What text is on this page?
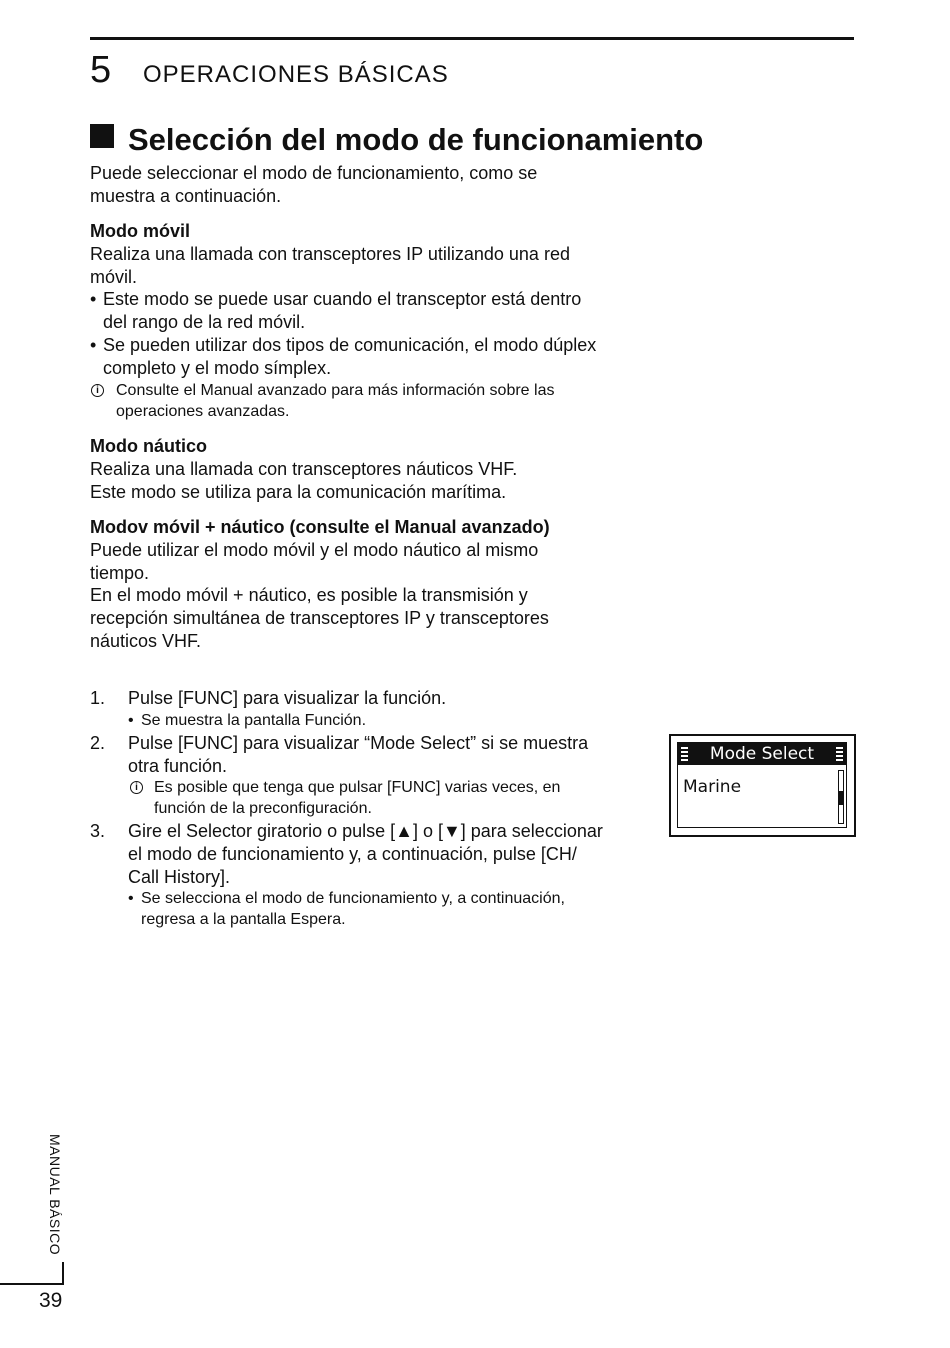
5 OPERACIONES BÁSICAS
Selección del modo de funcionamiento
Puede seleccionar el modo de funcionamiento, como se
muestra a continuación.
Modo móvil
Realiza una llamada con transceptores IP utilizando una red
móvil.
• Este modo se puede usar cuando el transceptor está dentro
del rango de la red móvil.
• Se pueden utilizar dos tipos de comunicación, el modo dúplex
completo y el modo símplex.
i	Consulte el Manual avanzado para más información sobre las
operaciones avanzadas.
Modo náutico
Realiza una llamada con transceptores náuticos VHF.
Este modo se utiliza para la comunicación marítima.
Modov móvil + náutico (consulte el Manual avanzado)
Puede utilizar el modo móvil y el modo náutico al mismo
tiempo.
En el modo móvil + náutico, es posible la transmisión y
recepción simultánea de transceptores IP y transceptores
náuticos VHF.
1. Pulse [FUNC] para visualizar la función.
• Se muestra la pantalla Función.
2. Pulse [FUNC] para visualizar “Mode Select” si se muestra
otra función.
i	Es posible que tenga que pulsar [FUNC] varias veces, en
función de la preconfiguración.
3. Gire el Selector giratorio o pulse [▲] o [▼] para seleccionar
el modo de funcionamiento y, a continuación, pulse [CH/
Call History].
• Se selecciona el modo de funcionamiento y, a continuación,
regresa a la pantalla Espera.
Mode Select
Marine
MANUAL BÁSICO
39
